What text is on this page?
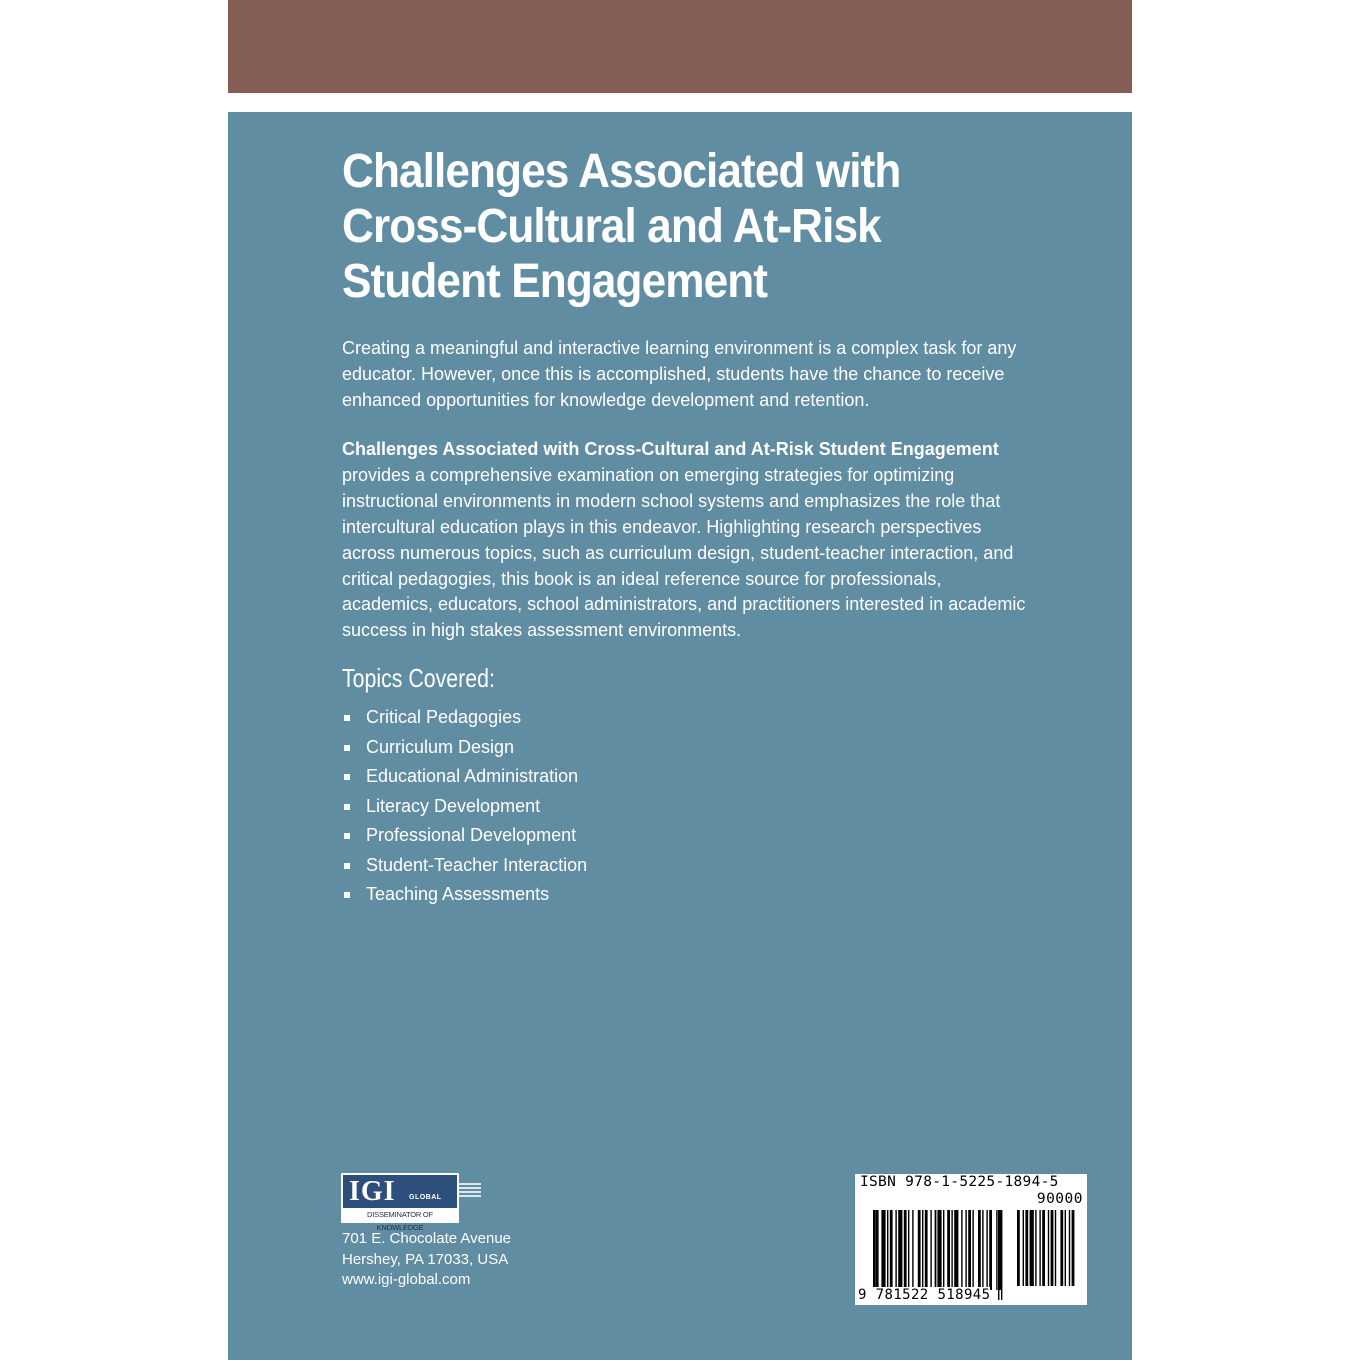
Challenges Associated with
Cross-Cultural and At-Risk
Student Engagement

Creating a meaningful and interactive learning environment is a complex task for any educator. However, once this is accomplished, students have the chance to receive enhanced opportunities for knowledge development and retention.

Challenges Associated with Cross-Cultural and At-Risk Student Engagement provides a comprehensive examination on emerging strategies for optimizing instructional environments in modern school systems and emphasizes the role that intercultural education plays in this endeavor. Highlighting research perspectives across numerous topics, such as curriculum design, student-teacher interaction, and critical pedagogies, this book is an ideal reference source for professionals, academics, educators, school administrators, and practitioners interested in academic success in high stakes assessment environments.

Topics Covered:
Critical Pedagogies
Curriculum Design
Educational Administration
Literacy Development
Professional Development
Student-Teacher Interaction
Teaching Assessments
IGI GLOBAL
DISSEMINATOR OF KNOWLEDGE

701 E. Chocolate Avenue
Hershey, PA 17033, USA
www.igi-global.com

ISBN 978-1-5225-1894-5
90000
9 781522 518945
